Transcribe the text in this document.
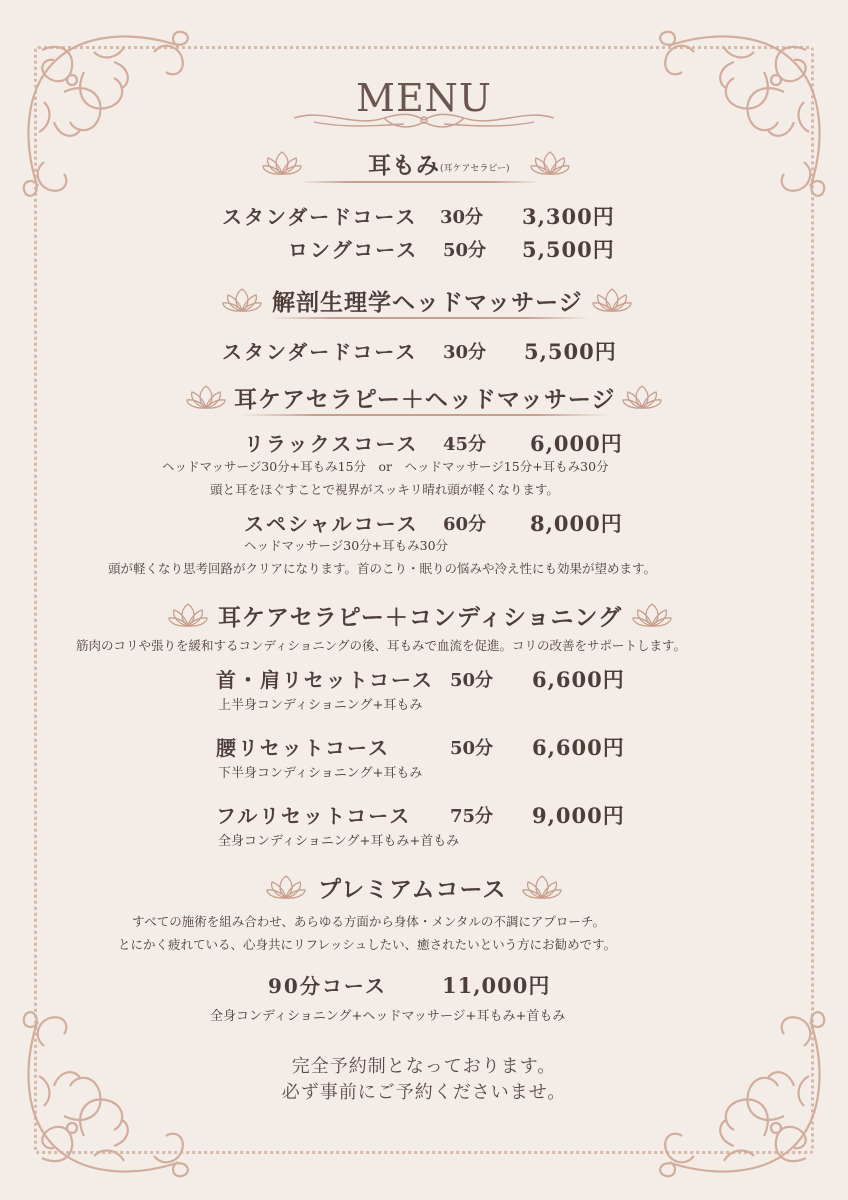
MENU
耳もみ (耳ケアセラピー)
スタンダードコース 30分 3,300円
ロングコース 50分 5,500円
解剖生理学ヘッドマッサージ
スタンダードコース 30分 5,500円
耳ケアセラピー＋ヘッドマッサージ
リラックスコース 45分 6,000円
ヘッドマッサージ30分+耳もみ15分　or　ヘッドマッサージ15分+耳もみ30分
頭と耳をほぐすことで視界がスッキリ晴れ頭が軽くなります。
スペシャルコース 60分 8,000円
ヘッドマッサージ30分+耳もみ30分
頭が軽くなり思考回路がクリアになります。首のこり・眠りの悩みや冷え性にも効果が望めます。
耳ケアセラピー＋コンディショニング
筋肉のコリや張りを緩和するコンディショニングの後、耳もみで血流を促進。コリの改善をサポートします。
首・肩リセットコース 50分 6,600円
上半身コンディショニング+耳もみ
腰リセットコース	50分 6,600円
下半身コンディショニング+耳もみ
フルリセットコース 75分 9,000円
全身コンディショニング+耳もみ+首もみ
プレミアムコース
すべての施術を組み合わせ、あらゆる方面から身体・メンタルの不調にアプローチ。
とにかく疲れている、心身共にリフレッシュしたい、癒されたいという方にお勧めです。
90分コース	11,000円
全身コンディショニング+ヘッドマッサージ+耳もみ+首もみ
完全予約制となっております。
必ず事前にご予約くださいませ。
